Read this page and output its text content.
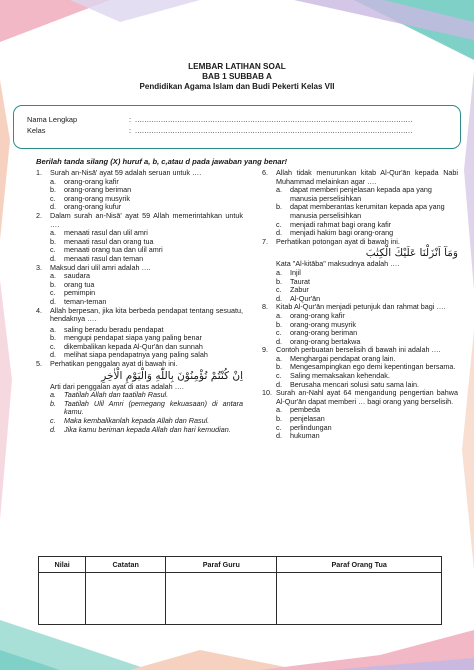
LEMBAR LATIHAN SOAL
BAB 1 SUBBAB A
Pendidikan Agama Islam dan Budi Pekerti Kelas VII
Nama Lengkap	: ......................................................................................................................
Kelas	: ......................................................................................................................
Berilah tanda silang (X) huruf a, b, c,atau d pada jawaban yang benar!
1.	Surah an-Nisā' ayat 59 adalah seruan untuk ….
a.	orang-orang kafir
b.	orang-orang beriman
c.	orang-orang musyrik
d.	orang-orang kufur
2.	Dalam surah an-Nisā' ayat 59 Allah memerintahkan untuk ….
a.	menaati rasul dan ulil amri
b.	menaati rasul dan orang tua
c.	menaati orang tua dan ulil amri
d.	menaati rasul dan teman
3.	Maksud dari ulil amri adalah ….
a.	saudara
b.	orang tua
c.	pemimpin
d.	teman-teman
4.	Allah berpesan, jika kita berbeda pendapat tentang sesuatu, hendaknya ….
a.	saling beradu beradu pendapat
b.	mengupi pendapat siapa yang paling benar
c.	dikembalikan kepada Al-Qur'ān dan sunnah
d.	melihat siapa pendapatnya yang paling salah
5.	Perhatikan penggalan ayat di bawah ini.
اِنْ كُنْتُمْ تُؤْمِنُوْنَ بِاللّٰهِ وَالْيَوْمِ الْاٰخِرِ
Arti dari penggalan ayat di atas adalah ….
a.	Taatilah Allah dan taatilah Rasul.
b.	Taatilah Ulil Amri (pemegang kekuasaan) di antara kamu.
c.	Maka kembalikanlah kepada Allah dan Rasul.
d.	Jika kamu beriman kepada Allah dan hari kemudian.
6.	Allah tidak menurunkan kitab Al-Qur'ān kepada Nabi Muhammad melainkan agar ….
a.	dapat memberi penjelasan kepada apa yang manusia perselisihkan
b.	dapat memberantas kerumitan kepada apa yang manusia perselisihkan
c.	menjadi rahmat bagi orang kafir
d.	menjadi hakim bagi orang-orang
7.	Perhatikan potongan ayat di bawah ini.
وَمَآ اَنْزَلْنَا عَلَيْكَ الْكِتٰبَ
Kata "Al-kitāba" maksudnya adalah ….
a.	Injil
b.	Taurat
c.	Zabur
d.	Al-Qur'ān
8.	Kitab Al-Qur'ān menjadi petunjuk dan rahmat bagi ….
a.	orang-orang kafir
b.	orang-orang musyrik
c.	orang-orang beriman
d.	orang-orang bertakwa
9.	Contoh perbuatan berselisih di bawah ini adalah ….
a.	Menghargai pendapat orang lain.
b.	Mengesampingkan ego demi kepentingan bersama.
c.	Saling memaksakan kehendak.
d.	Berusaha mencari solusi satu sama lain.
10. Surah an-Nahl ayat 64 mengandung pengertian bahwa Al-Qur'ān dapat memberi … bagi orang yang berselisih.
a.	pembeda
b.	penjelasan
c.	perlindungan
d.	hukuman
Nilai	Catatan	Paraf Guru	Paraf Orang Tua
